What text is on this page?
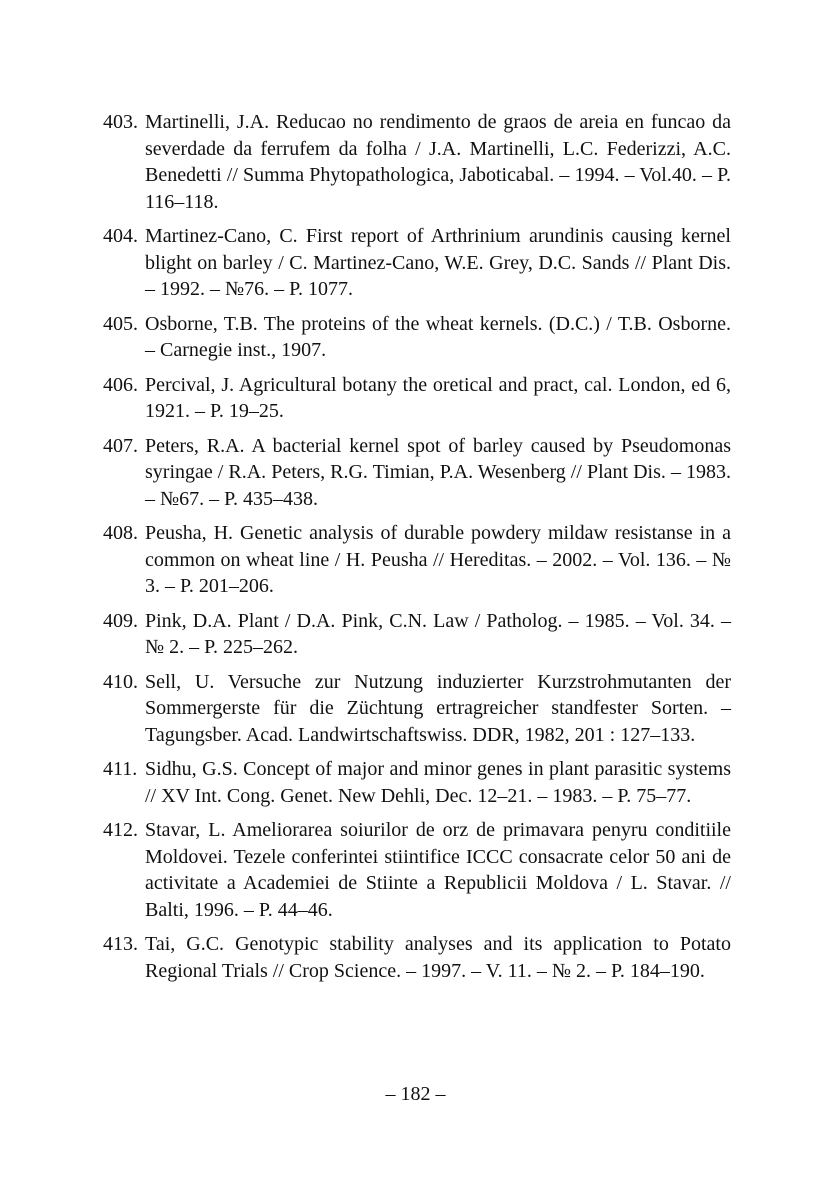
403. Martinelli, J.A. Reducao no rendimento de graos de areia en funcao da severdade da ferrufem da folha / J.A. Martinelli, L.C. Federizzi, A.C. Benedetti // Summa Phytopathologica, Jaboticabal. – 1994. – Vol.40. – P. 116–118.
404. Martinez-Cano, C. First report of Arthrinium arundinis causing kernel blight on barley / C. Martinez-Cano, W.E. Grey, D.C. Sands // Plant Dis. – 1992. – №76. – P. 1077.
405. Osborne, T.B. The proteins of the wheat kernels. (D.C.) / T.B. Osborne. – Carnegie inst., 1907.
406. Percival, J. Agricultural botany the oretical and pract, cal. London, ed 6, 1921. – P. 19–25.
407. Peters, R.A. A bacterial kernel spot of barley caused by Pseudomonas syringae / R.A. Peters, R.G. Timian, P.A. Wesenberg // Plant Dis. – 1983. – №67. – P. 435–438.
408. Peusha, H. Genetic analysis of durable powdery mildaw resistanse in a common on wheat line / H. Peusha // Hereditas. – 2002. – Vol. 136. – № 3. – P. 201–206.
409. Pink, D.A. Plant / D.A. Pink, C.N. Law / Patholog. – 1985. – Vol. 34. – № 2. – P. 225–262.
410. Sell, U. Versuche zur Nutzung induzierter Kurzstrohmutanten der Sommergerste für die Züchtung ertragreicher standfester Sorten. – Tagungsber. Acad. Landwirtschaftswiss. DDR, 1982, 201 : 127–133.
411. Sidhu, G.S. Concept of major and minor genes in plant parasitic systems // XV Int. Cong. Genet. New Dehli, Dec. 12–21. – 1983. – P. 75–77.
412. Stavar, L. Ameliorarea soiurilor de orz de primavara penyru conditiile Moldovei. Tezele conferintei stiintifice ICCC consacrate celor 50 ani de activitate a Academiei de Stiinte a Republicii Moldova / L. Stavar. // Balti, 1996. – P. 44–46.
413. Tai, G.C. Genotypic stability analyses and its application to Potato Regional Trials // Crop Science. – 1997. – V. 11. – № 2. – P. 184–190.
– 182 –
